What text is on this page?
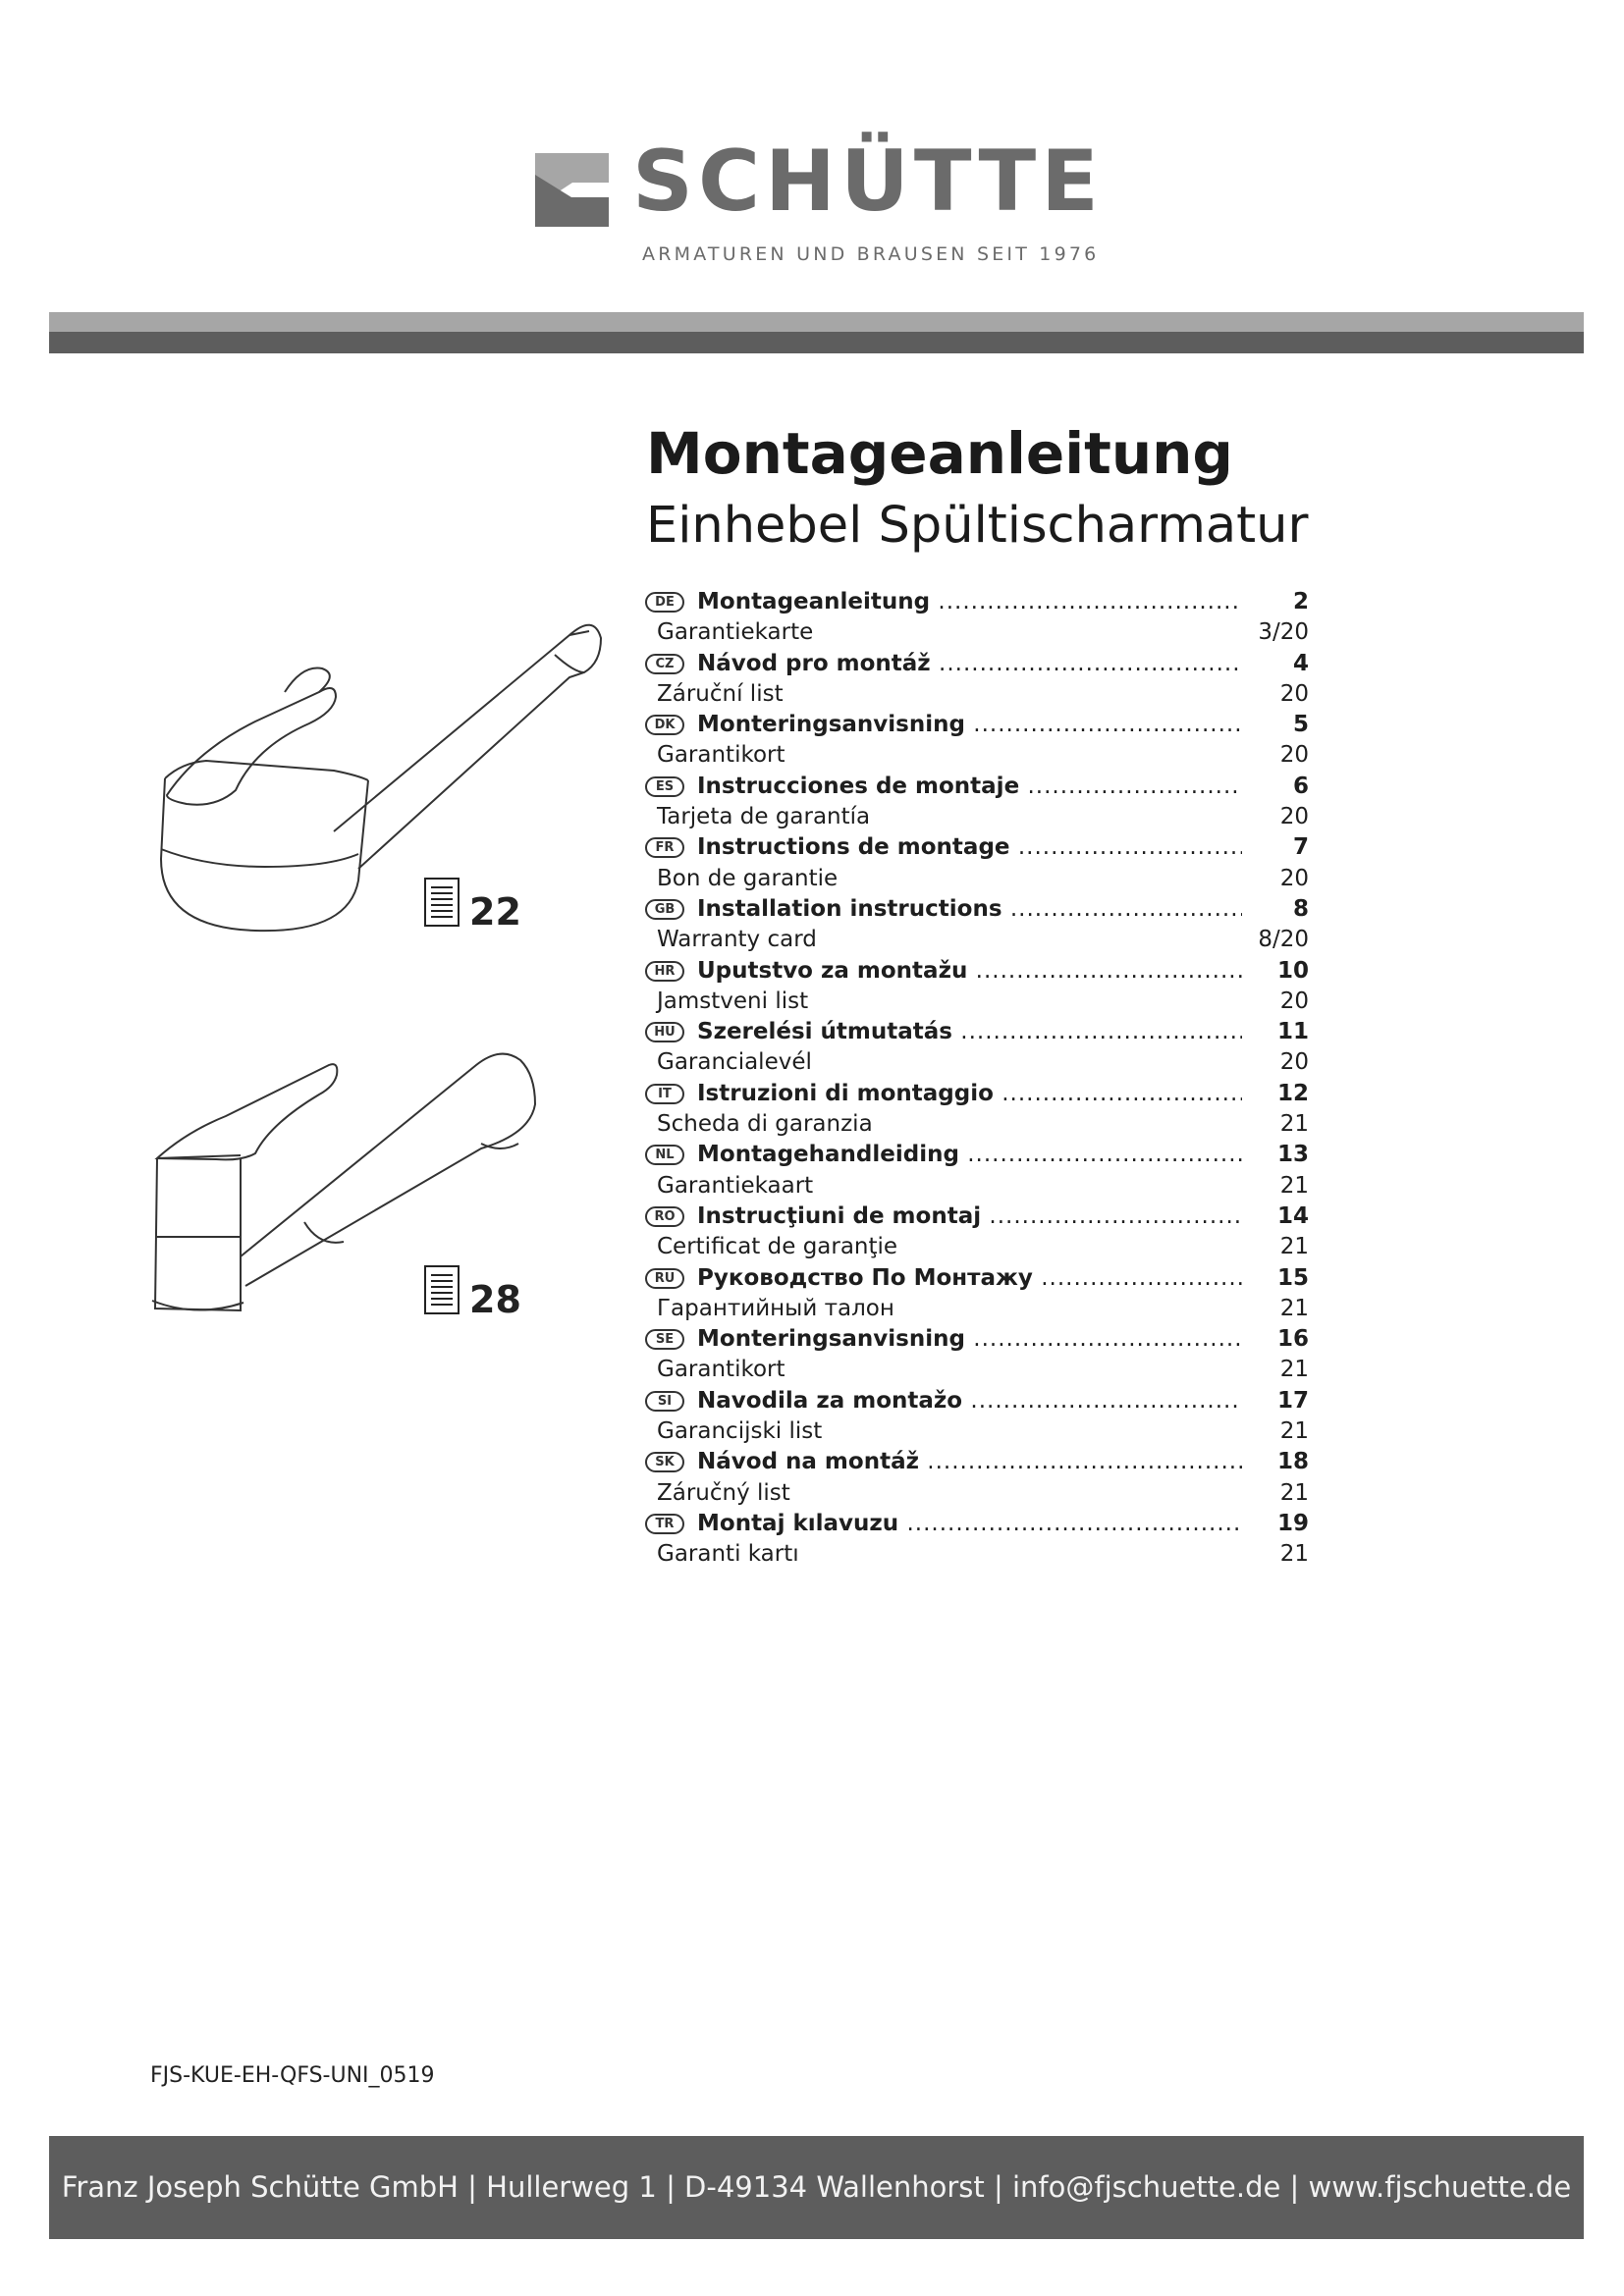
SCHÜTTE
ARMATUREN UND BRAUSEN SEIT 1976
Montageanleitung
Einhebel Spültischarmatur
22
28
DE	Montageanleitung .....	2
Garantiekarte	3/20
CZ	Návod pro montáž .....	4
Záruční list	20
DK Monteringsanvisning .....	5
Garantikort	20
ES	Instrucciones de montaje .....	6
Tarjeta de garantía	20
FR	Instructions de montage .....	7
Bon de garantie	20
GB Installation instructions .....	8
Warranty card	8/20
HR Uputstvo za montažu .....	10
Jamstveni list	20
HU Szerelési útmutatás .....	11
Garancialevél	20
IT	Istruzioni di montaggio .....	12
Scheda di garanzia	21
NL	Montagehandleiding .....	13
Garantiekaart	21
RO Instrucţiuni de montaj .....	14
Certificat de garanţie	21
RU Руководство По Монтажу .....	15
Гарантийный талон	21
SE	Monteringsanvisning .....	16
Garantikort	21
SI	Navodila za montažo .....	17
Garancijski list	21
SK	Návod na montáž .....	18
Záručný list	21
TR	Montaj kılavuzu .....	19
Garanti kartı	21
FJS-KUE-EH-QFS-UNI_0519
Franz Joseph Schütte GmbH | Hullerweg 1 | D-49134 Wallenhorst | info@fjschuette.de | www.fjschuette.de
